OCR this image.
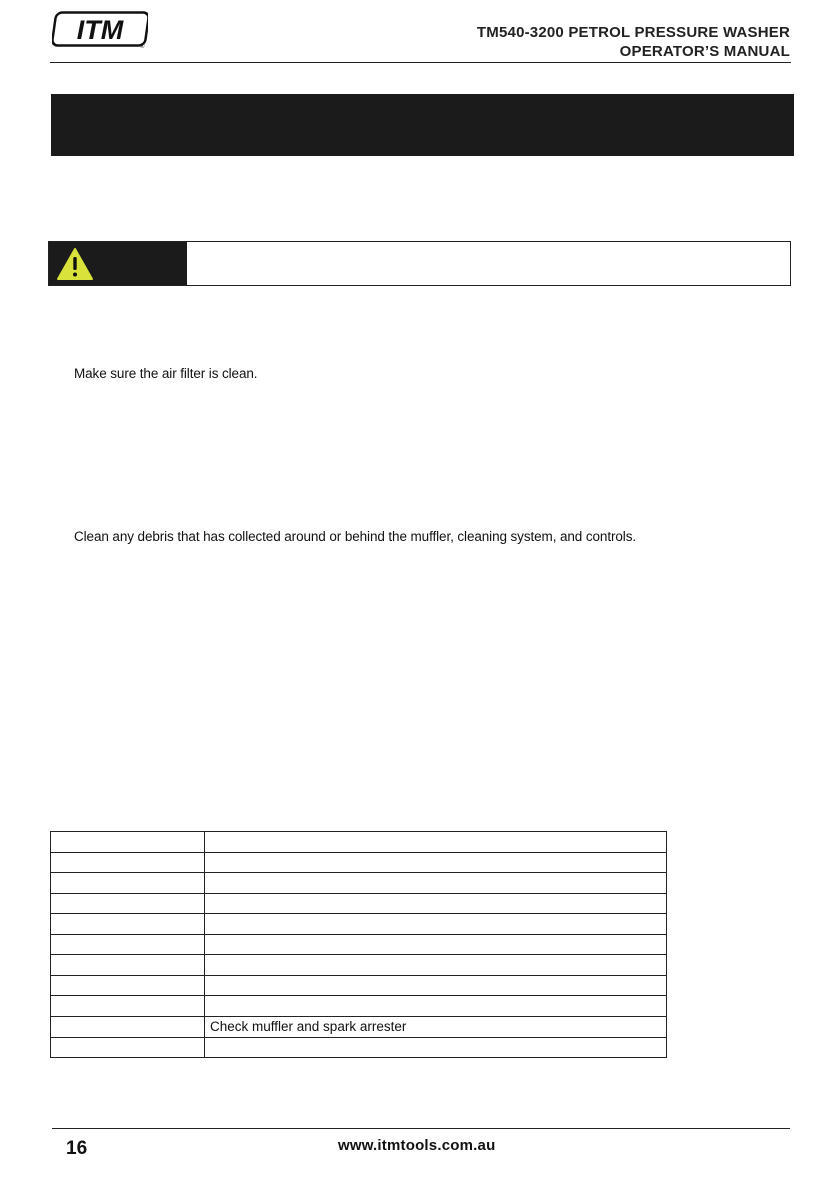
ITM
®
TM540-3200 PETROL PRESSURE WASHER
OPERATOR’S MANUAL
Make sure the air filter is clean.
Clean any debris that has collected around or behind the muffler, cleaning system, and controls.

	Check muffler and spark arrester

16	www.itmtools.com.au
